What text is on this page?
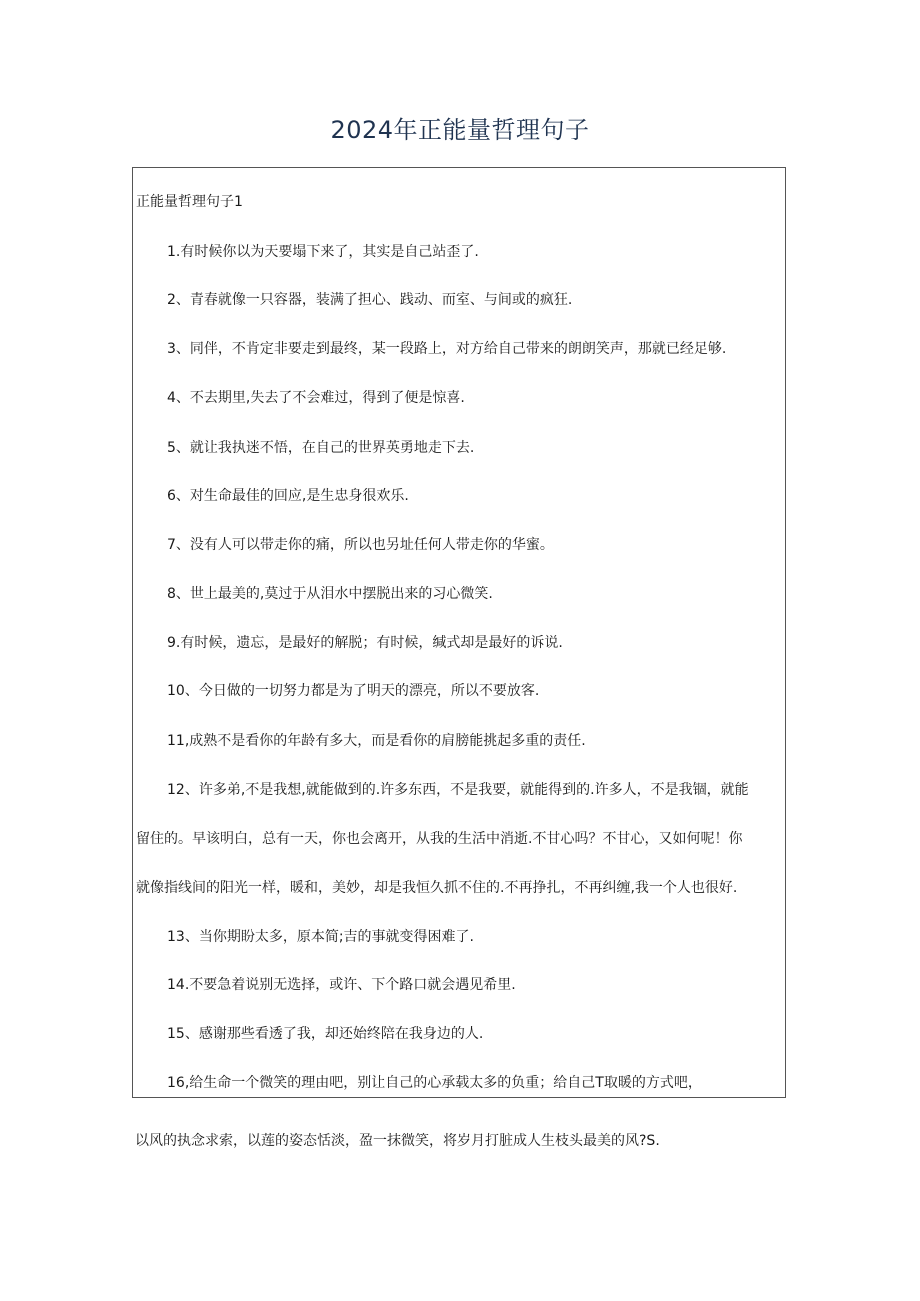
2024年正能量哲理句子
正能量哲理句子1
1.有时候你以为天要塌下来了，其实是自己站歪了.
2、青春就像一只容器，装满了担心、践动、而室、与间或的疯狂.
3、同伴，不肯定非要走到最终，某一段路上，对方给自己带来的朗朗笑声，那就已经足够.
4、不去期里,失去了不会难过，得到了便是惊喜.
5、就让我执迷不悟，在自己的世界英勇地走下去.
6、对生命最佳的回应,是生忠身很欢乐.
7、没有人可以带走你的痛，所以也另址任何人带走你的华蜜。
8、世上最美的,莫过于从泪水中摆脱出来的习心微笑.
9.有时候，遗忘，是最好的解脱；有时候，缄式却是最好的诉说.
10、今日做的一切努力都是为了明天的漂亮，所以不要放客.
11,成熟不是看你的年龄有多大，而是看你的肩膀能挑起多重的责任.
12、许多弟,不是我想,就能做到的.许多东西，不是我要，就能得到的.许多人，不是我锢，就能
留住的。早该明白，总有一天，你也会离开，从我的生活中消逝.不甘心吗？不甘心，又如何呢！你
就像指线间的阳光一样，暖和，美妙，却是我恒久抓不住的.不再挣扎，不再纠缠,我一个人也很好.
13、当你期盼太多，原本简;吉的事就变得困难了.
14.不要急着说别无选择，或许、下个路口就会遇见希里.
15、感谢那些看透了我，却还始终陪在我身边的人.
16,给生命一个微笑的理由吧，别让自己的心承载太多的负重；给自己T取暖的方式吧，
以风的执念求索，以莲的姿态恬淡，盈一抹微笑，将岁月打脏成人生枝头最美的风?S.
